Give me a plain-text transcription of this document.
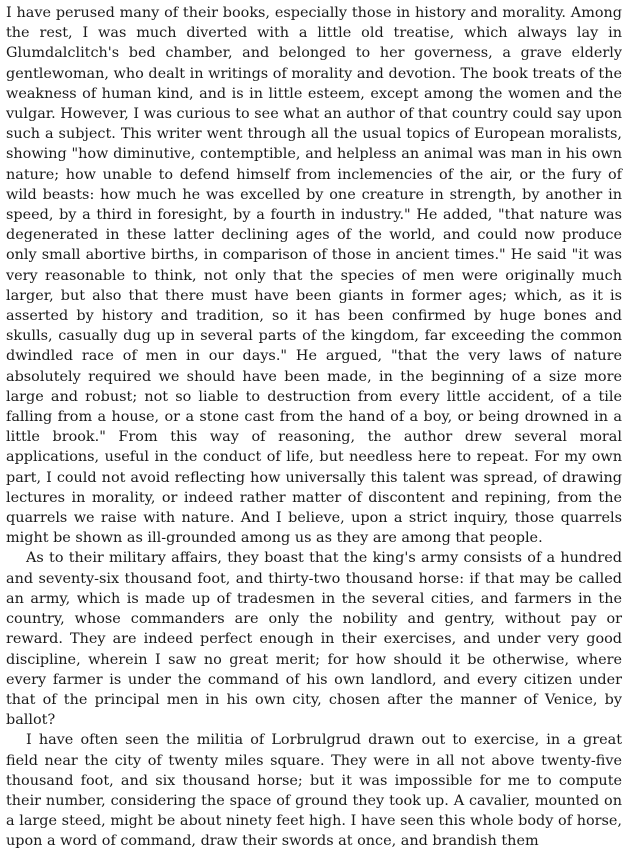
I have perused many of their books, especially those in history and morality. Among the rest, I was much diverted with a little old treatise, which always lay in Glumdalclitch's bed chamber, and belonged to her governess, a grave elderly gentlewoman, who dealt in writings of morality and devotion. The book treats of the weakness of human kind, and is in little esteem, except among the women and the vulgar. However, I was curious to see what an author of that country could say upon such a subject. This writer went through all the usual topics of European moralists, showing "how diminutive, contemptible, and helpless an animal was man in his own nature; how unable to defend himself from inclemencies of the air, or the fury of wild beasts: how much he was excelled by one creature in strength, by another in speed, by a third in foresight, by a fourth in industry." He added, "that nature was degenerated in these latter declining ages of the world, and could now produce only small abortive births, in comparison of those in ancient times." He said "it was very reasonable to think, not only that the species of men were originally much larger, but also that there must have been giants in former ages; which, as it is asserted by history and tradition, so it has been confirmed by huge bones and skulls, casually dug up in several parts of the kingdom, far exceeding the common dwindled race of men in our days." He argued, "that the very laws of nature absolutely required we should have been made, in the beginning of a size more large and robust; not so liable to destruction from every little accident, of a tile falling from a house, or a stone cast from the hand of a boy, or being drowned in a little brook." From this way of reasoning, the author drew several moral applications, useful in the conduct of life, but needless here to repeat. For my own part, I could not avoid reflecting how universally this talent was spread, of drawing lectures in morality, or indeed rather matter of discontent and repining, from the quarrels we raise with nature. And I believe, upon a strict inquiry, those quarrels might be shown as ill-grounded among us as they are among that people.

As to their military affairs, they boast that the king's army consists of a hundred and seventy-six thousand foot, and thirty-two thousand horse: if that may be called an army, which is made up of tradesmen in the several cities, and farmers in the country, whose commanders are only the nobility and gentry, without pay or reward. They are indeed perfect enough in their exercises, and under very good discipline, wherein I saw no great merit; for how should it be otherwise, where every farmer is under the command of his own landlord, and every citizen under that of the principal men in his own city, chosen after the manner of Venice, by ballot?

I have often seen the militia of Lorbrulgrud drawn out to exercise, in a great field near the city of twenty miles square. They were in all not above twenty-five thousand foot, and six thousand horse; but it was impossible for me to compute their number, considering the space of ground they took up. A cavalier, mounted on a large steed, might be about ninety feet high. I have seen this whole body of horse, upon a word of command, draw their swords at once, and brandish them
